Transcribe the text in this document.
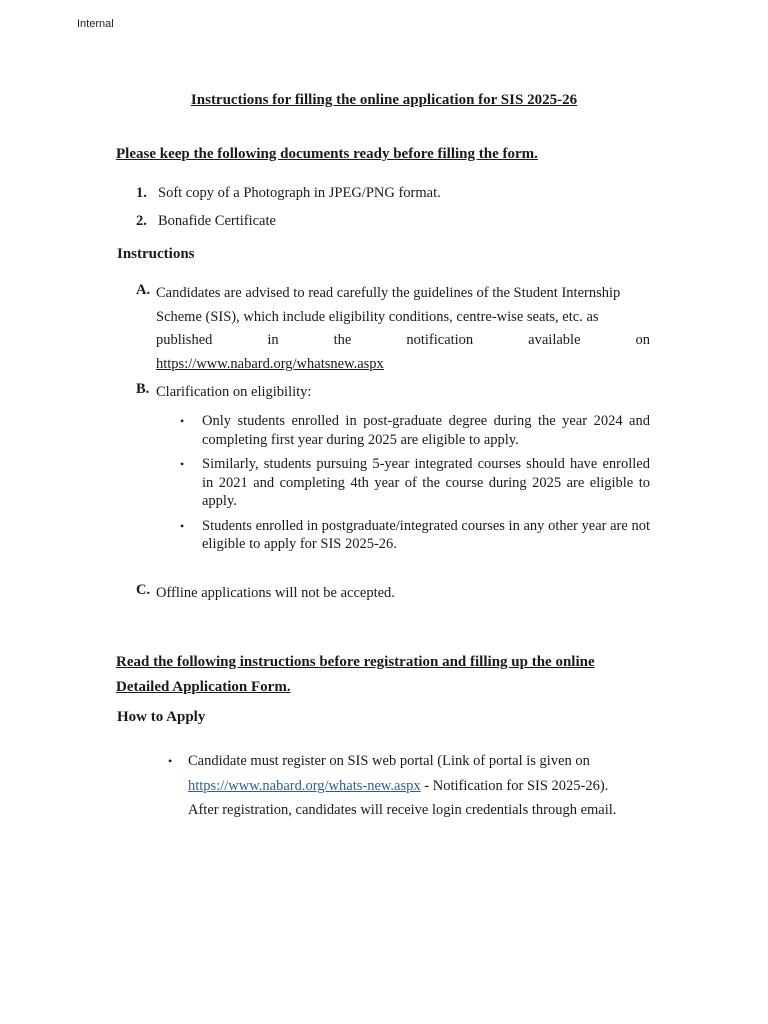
Internal
Instructions for filling the online application for SIS 2025-26
Please keep the following documents ready before filling the form.
1. Soft copy of a Photograph in JPEG/PNG format.
2. Bonafide Certificate
Instructions
A. Candidates are advised to read carefully the guidelines of the Student Internship
Scheme (SIS), which include eligibility conditions, centre-wise seats, etc. as
published	in	the	notification	available	on
https://www.nabard.org/whatsnew.aspx
B. Clarification on eligibility:
• Only students enrolled in post-graduate degree during the year 2024 and completing first year during 2025 are eligible to apply.
• Similarly, students pursuing 5-year integrated courses should have enrolled in 2021 and completing 4th year of the course during 2025 are eligible to apply.
• Students enrolled in postgraduate/integrated courses in any other year are not eligible to apply for SIS 2025-26.
C. Offline applications will not be accepted.
Read the following instructions before registration and filling up the online Detailed Application Form.
How to Apply
• Candidate must register on SIS web portal (Link of portal is given on
https://www.nabard.org/whats-new.aspx - Notification for SIS 2025-26).
After registration, candidates will receive login credentials through email.
